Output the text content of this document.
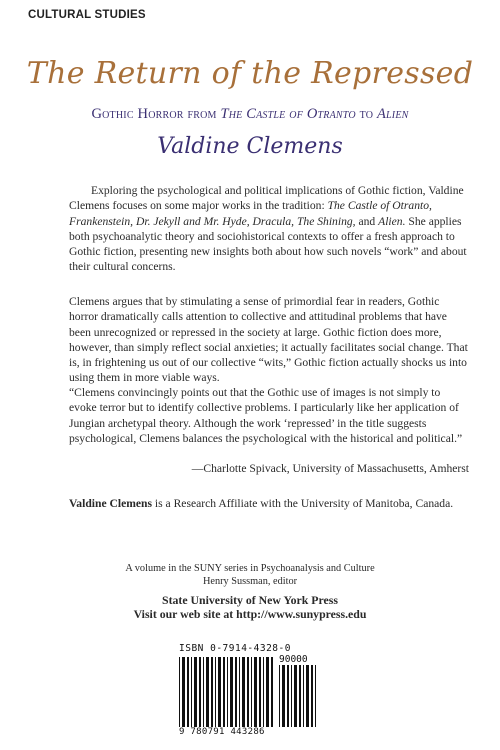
CULTURAL STUDIES
The Return of the Repressed
Gothic Horror from The Castle of Otranto to Alien
Valdine Clemens

Exploring the psychological and political implications of Gothic fiction, Valdine Clemens focuses on some major works in the tradition: The Castle of Otranto, Frankenstein, Dr. Jekyll and Mr. Hyde, Dracula, The Shining, and Alien. She applies both psychoanalytic theory and sociohistorical contexts to offer a fresh approach to Gothic fiction, presenting new insights both about how such novels “work” and about their cultural concerns.

Clemens argues that by stimulating a sense of primordial fear in readers, Gothic horror dramatically calls attention to collective and attitudinal problems that have been unrecognized or repressed in the society at large. Gothic fiction does more, however, than simply reflect social anxieties; it actually facilitates social change. That is, in frightening us out of our collective “wits,” Gothic fiction actually shocks us into using them in more viable ways.

“Clemens convincingly points out that the Gothic use of images is not simply to evoke terror but to identify collective problems. I particularly like her application of Jungian archetypal theory. Although the work ‘repressed’ in the title suggests psychological, Clemens balances the psychological with the historical and political.”

—Charlotte Spivack, University of Massachusetts, Amherst

Valdine Clemens is a Research Affiliate with the University of Manitoba, Canada.

A volume in the SUNY series in Psychoanalysis and Culture
Henry Sussman, editor
State University of New York Press
Visit our web site at http://www.sunypress.edu
ISBN 0-7914-4328-0
90000
9 780791 443286
